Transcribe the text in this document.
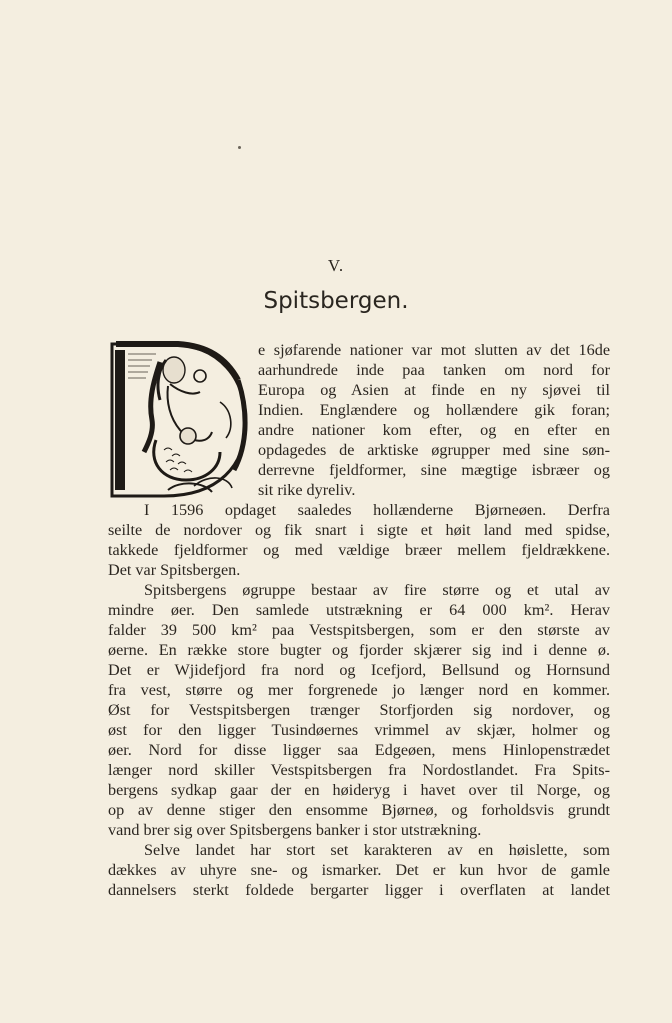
V.
Spitsbergen.
e sjøfarende nationer var mot slutten av det 16de
aarhundrede inde paa tanken om nord for
Europa og Asien at finde en ny sjøvei til
Indien. Englændere og hollændere gik foran;
andre nationer kom efter, og en efter en
opdagedes de arktiske øgrupper med sine søn-
derrevne fjeldformer, sine mægtige isbræer og
sit rike dyreliv.
I 1596 opdaget saaledes hollænderne Bjørneøen. Derfra
seilte de nordover og fik snart i sigte et høit land med spidse,
takkede fjeldformer og med vældige bræer mellem fjeldrækkene.
Det var Spitsbergen.
Spitsbergens øgruppe bestaar av fire større og et utal av
mindre øer. Den samlede utstrækning er 64 000 km². Herav
falder 39 500 km² paa Vestspitsbergen, som er den største av
øerne. En række store bugter og fjorder skjærer sig ind i denne ø.
Det er Wjidefjord fra nord og Icefjord, Bellsund og Hornsund
fra vest, større og mer forgrenede jo længer nord en kommer.
Øst for Vestspitsbergen trænger Storfjorden sig nordover, og
øst for den ligger Tusindøernes vrimmel av skjær, holmer og
øer. Nord for disse ligger saa Edgeøen, mens Hinlopenstrædet
længer nord skiller Vestspitsbergen fra Nordostlandet. Fra Spits-
bergens sydkap gaar der en høideryg i havet over til Norge, og
op av denne stiger den ensomme Bjørneø, og forholdsvis grundt
vand brer sig over Spitsbergens banker i stor utstrækning.
Selve landet har stort set karakteren av en høislette, som
dækkes av uhyre sne- og ismarker. Det er kun hvor de gamle
dannelsers sterkt foldede bergarter ligger i overflaten at landet
